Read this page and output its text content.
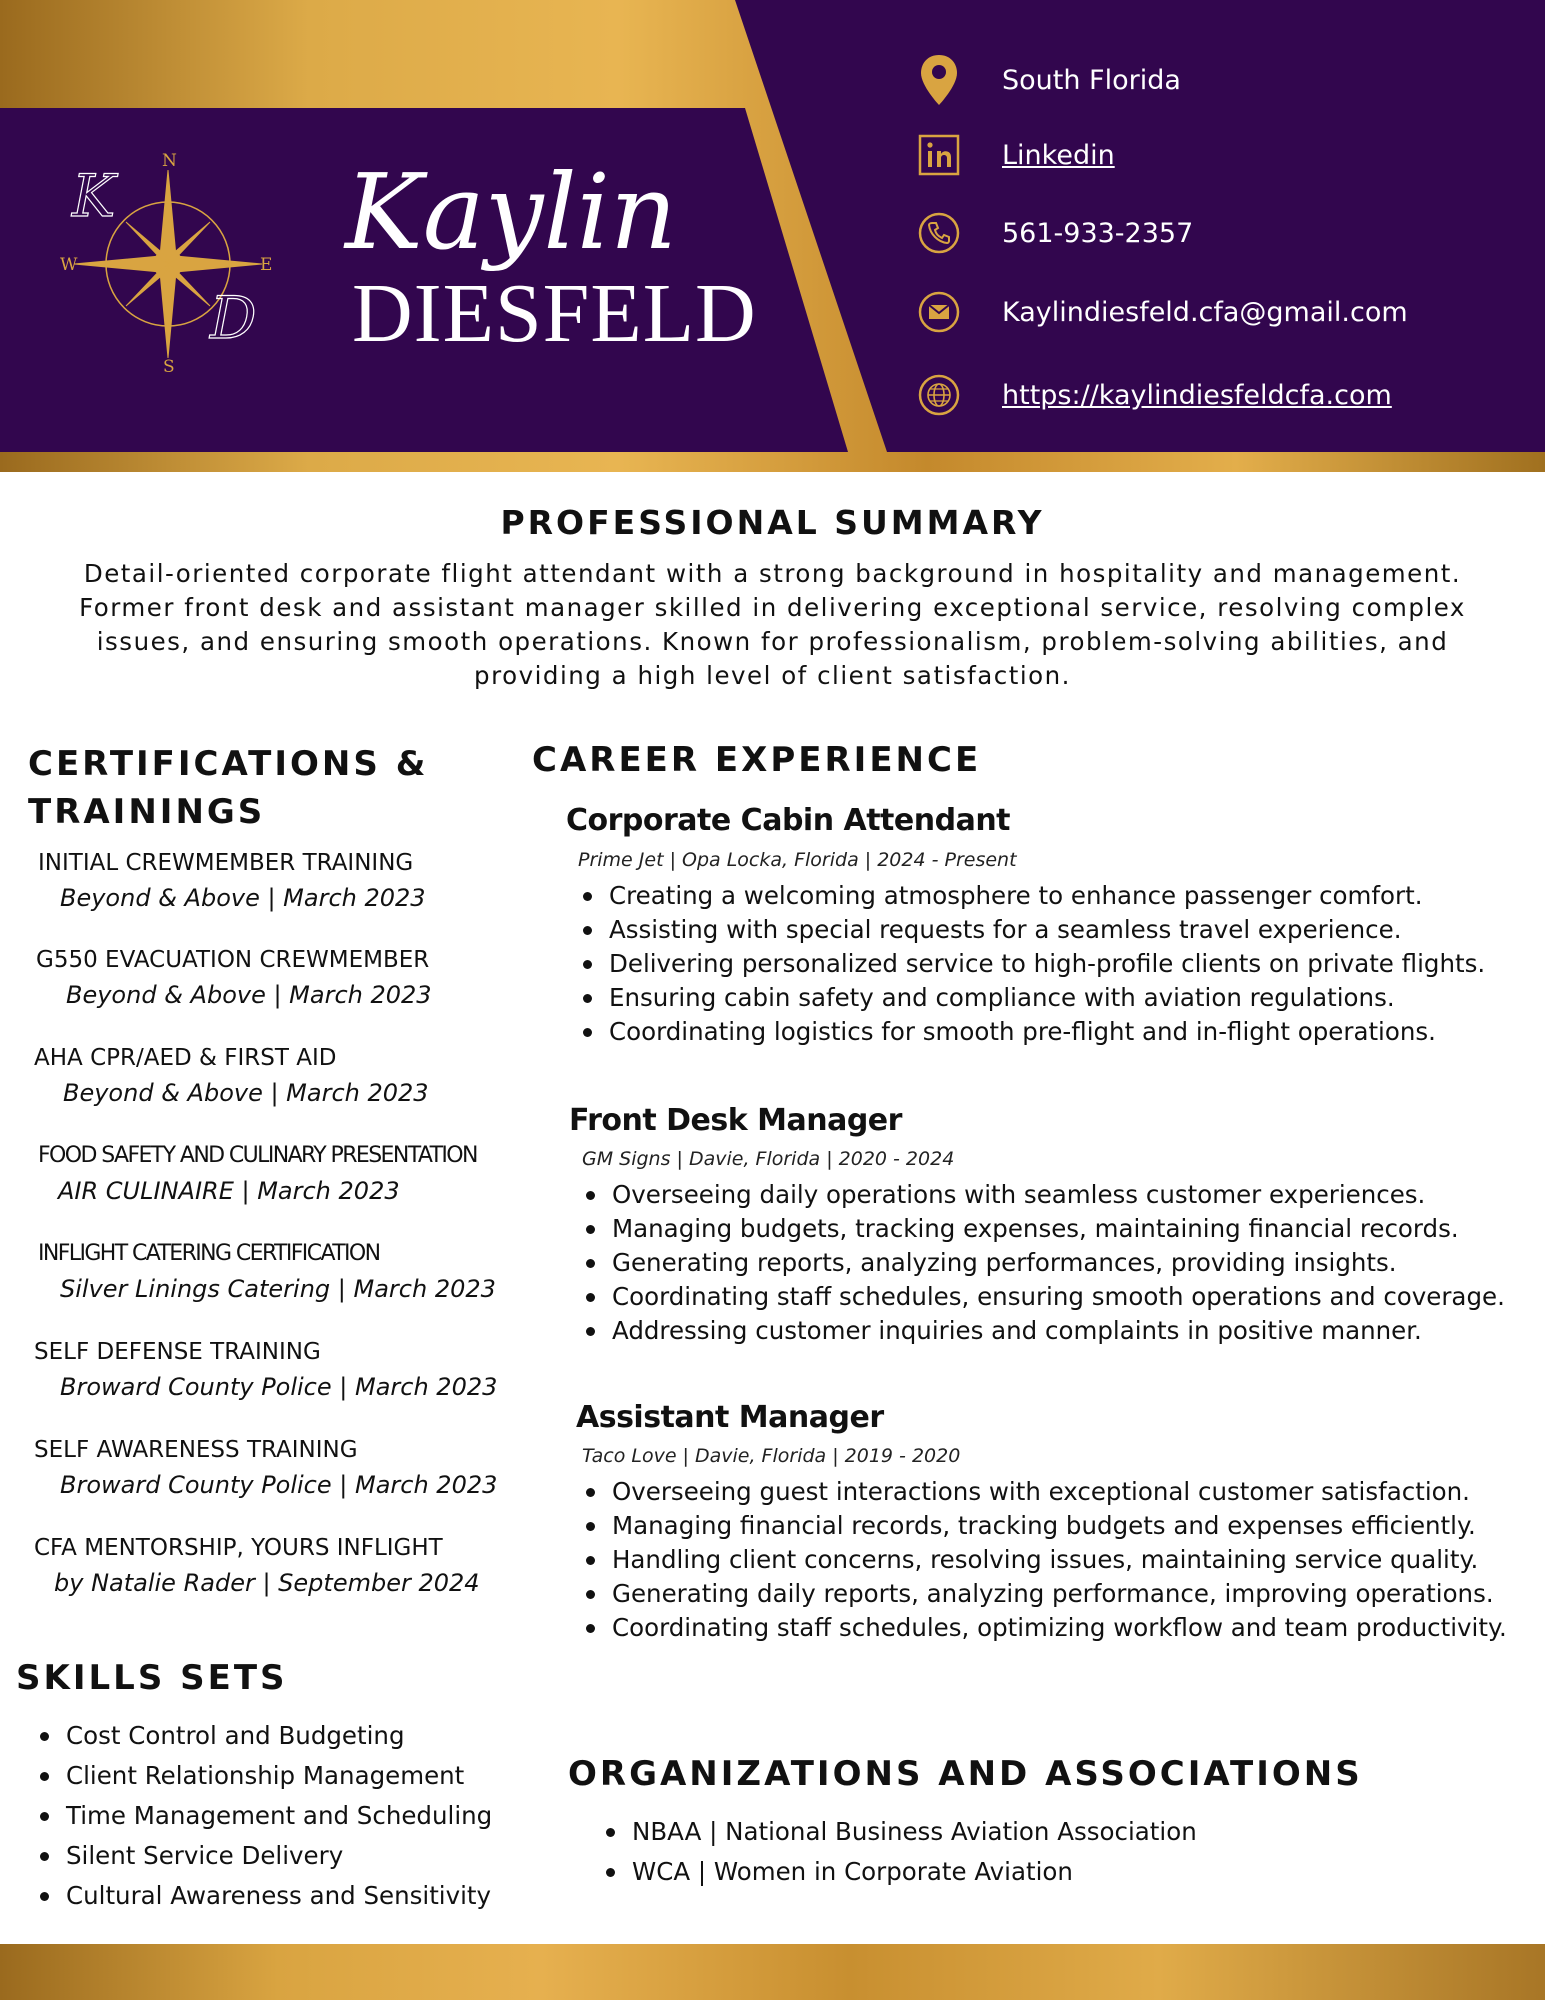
N
S
W	E
K
D
Kaylin
DIESFELD
South Florida
Linkedin
561-933-2357
Kaylindiesfeld.cfa@gmail.com
https://kaylindiesfeldcfa.com
PROFESSIONAL SUMMARY
Detail-oriented corporate flight attendant with a strong background in hospitality and management.
Former front desk and assistant manager skilled in delivering exceptional service, resolving complex
issues, and ensuring smooth operations. Known for professionalism, problem-solving abilities, and
providing a high level of client satisfaction.
CERTIFICATIONS &
TRAININGS
INITIAL CREWMEMBER TRAINING
Beyond & Above | March 2023
G550 EVACUATION CREWMEMBER
Beyond & Above | March 2023
AHA CPR/AED & FIRST AID
Beyond & Above | March 2023
FOOD SAFETY AND CULINARY PRESENTATION
AIR CULINAIRE | March 2023
INFLIGHT CATERING CERTIFICATION
Silver Linings Catering | March 2023
SELF DEFENSE TRAINING
Broward County Police | March 2023
SELF AWARENESS TRAINING
Broward County Police | March 2023
CFA MENTORSHIP, YOURS INFLIGHT
by Natalie Rader | September 2024
SKILLS SETS
Cost Control and Budgeting
Client Relationship Management
Time Management and Scheduling
Silent Service Delivery
Cultural Awareness and Sensitivity
CAREER EXPERIENCE
Corporate Cabin Attendant
Prime Jet | Opa Locka, Florida | 2024 - Present
Creating a welcoming atmosphere to enhance passenger comfort.
Assisting with special requests for a seamless travel experience.
Delivering personalized service to high-profile clients on private flights.
Ensuring cabin safety and compliance with aviation regulations.
Coordinating logistics for smooth pre-flight and in-flight operations.
Front Desk Manager
GM Signs | Davie, Florida | 2020 - 2024
Overseeing daily operations with seamless customer experiences.
Managing budgets, tracking expenses, maintaining financial records.
Generating reports, analyzing performances, providing insights.
Coordinating staff schedules, ensuring smooth operations and coverage.
Addressing customer inquiries and complaints in positive manner.
Assistant Manager
Taco Love | Davie, Florida | 2019 - 2020
Overseeing guest interactions with exceptional customer satisfaction.
Managing financial records, tracking budgets and expenses efficiently.
Handling client concerns, resolving issues, maintaining service quality.
Generating daily reports, analyzing performance, improving operations.
Coordinating staff schedules, optimizing workflow and team productivity.
ORGANIZATIONS AND ASSOCIATIONS
NBAA | National Business Aviation Association
WCA | Women in Corporate Aviation
